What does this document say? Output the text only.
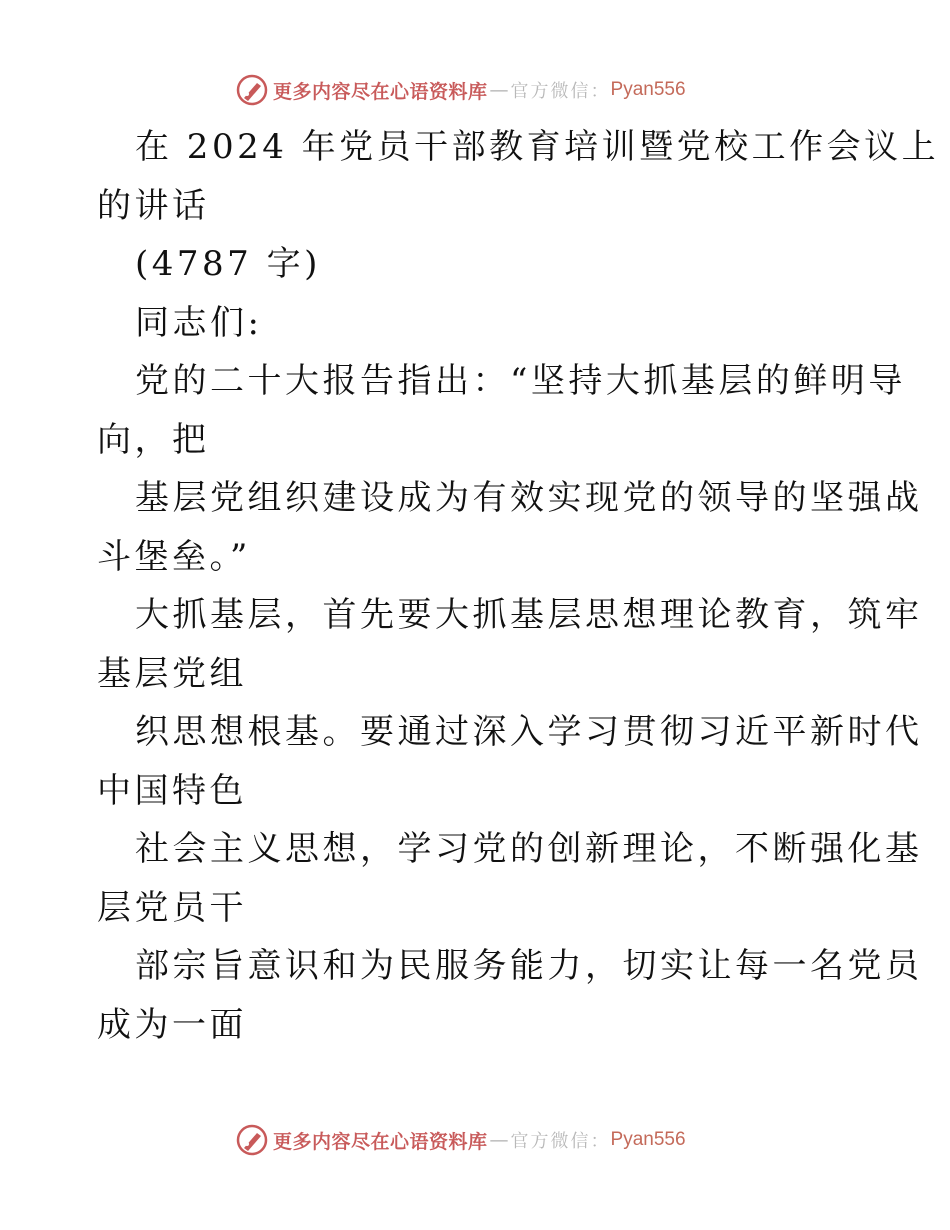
更多内容尽在心语资料库 — 官方微信： Pyan556
在 2024 年党员干部教育培训暨党校工作会议上
的讲话
(4787 字)
同志们:
党的二十大报告指出：“坚持大抓基层的鲜明导
向，把
基层党组织建设成为有效实现党的领导的坚强战
斗堡垒。”
大抓基层，首先要大抓基层思想理论教育，筑牢
基层党组
织思想根基。要通过深入学习贯彻习近平新时代
中国特色
社会主义思想，学习党的创新理论，不断强化基
层党员干
部宗旨意识和为民服务能力，切实让每一名党员
成为一面
更多内容尽在心语资料库 — 官方微信： Pyan556
